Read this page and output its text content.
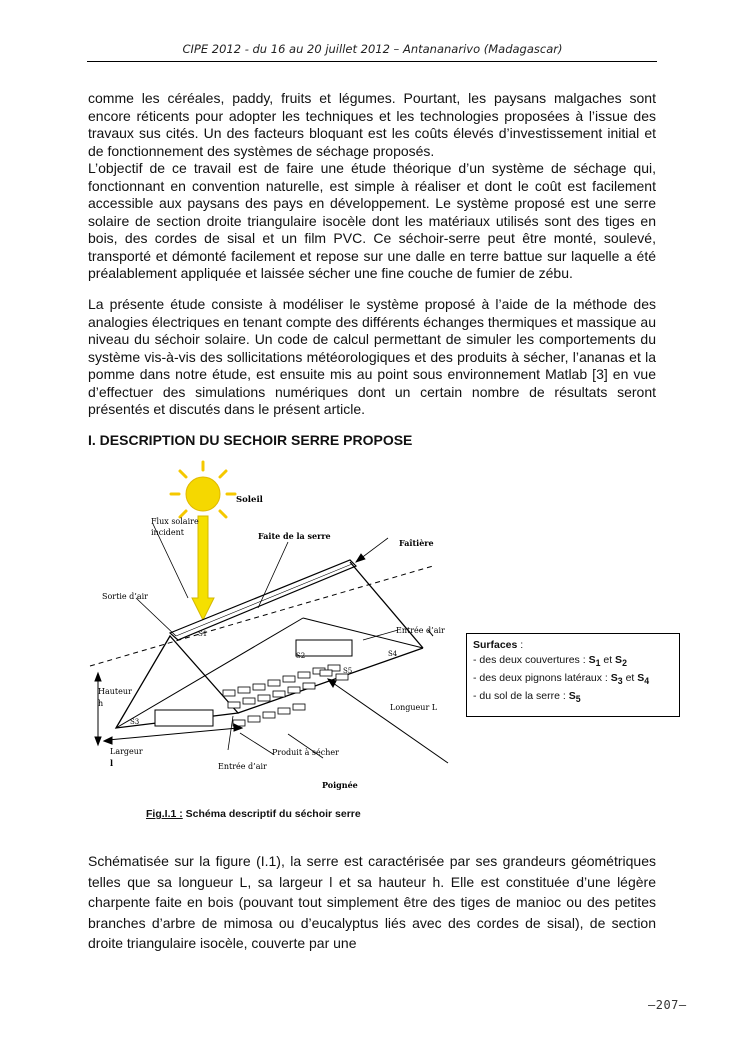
CIPE 2012 - du 16 au 20 juillet 2012 – Antananarivo (Madagascar)

comme les céréales, paddy, fruits et légumes. Pourtant, les paysans malgaches sont encore réticents pour adopter les techniques et les technologies proposées à l’issue des travaux sus cités. Un des facteurs bloquant est les coûts élevés d’investissement initial et de fonctionnement des systèmes de séchage proposés.

L’objectif de ce travail est de faire une étude théorique d’un système de séchage qui, fonctionnant en convention naturelle, est simple à réaliser et dont le coût est facilement accessible aux paysans des pays en développement. Le système proposé est une serre solaire de section droite triangulaire isocèle dont les matériaux utilisés sont des tiges en bois, des cordes de sisal et un film PVC. Ce séchoir-serre peut être monté, soulevé, transporté et démonté facilement et repose sur une dalle en terre battue sur laquelle a été préalablement appliquée et laissée sécher une fine couche de fumier de zébu.

La présente étude consiste à modéliser le système proposé à l’aide de la méthode des analogies électriques en tenant compte des différents échanges thermiques et massique au niveau du séchoir solaire. Un code de calcul permettant de simuler les comportements du système vis-à-vis des sollicitations météorologiques et des produits à sécher, l’ananas et la pomme dans notre étude, est ensuite mis au point sous environnement Matlab [3] en vue d’effectuer des simulations numériques dont un certain nombre de résultats seront présentés et discutés dans le présent article.

I. DESCRIPTION DU SECHOIR SERRE PROPOSE
Soleil
Flux solaire
incident	Faite de la serre
Faîtière
Sortie d’air
Entrée d’air
Hauteur
h	Longueur L
Largeur
l
Produit à sécher
Entrée d’air
Poignée
S1
S2
S3
S4
S5
Surfaces :
- des deux couvertures : $S_1$ et $S_2$
- des deux pignons latéraux : $S_3$ et $S_4$
- du sol de la serre : $S_5$
Fig.I.1 : Schéma descriptif du séchoir serre

Schématisée sur la figure (I.1), la serre est caractérisée par ses grandeurs géométriques telles que sa longueur L, sa largeur l et sa hauteur h. Elle est constituée d’une légère charpente faite en bois (pouvant tout simplement être des tiges de manioc ou des petites branches d’arbre de mimosa ou d’eucalyptus liés avec des cordes de sisal), de section droite triangulaire isocèle, couverte par une

–207–
